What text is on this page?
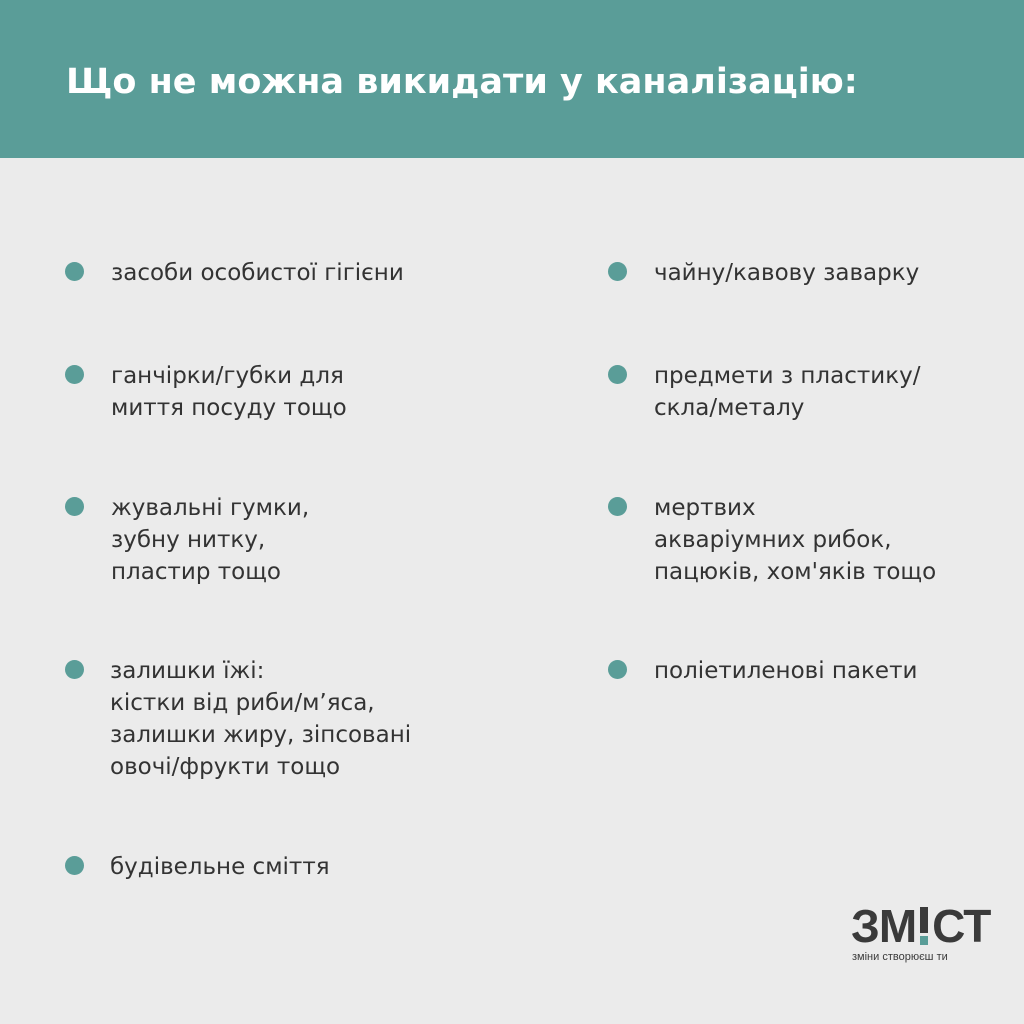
Що не можна викидати у каналізацію:
засоби особистої гігієни
ганчірки/губки для
миття посуду тощо
жувальні гумки,
зубну нитку,
пластир тощо
залишки їжі:
кістки від риби/м’яса,
залишки жиру, зіпсовані
овочі/фрукти тощо
будівельне сміття
чайну/кавову заварку
предмети з пластику/
скла/металу
мертвих
акваріумних рибок,
пацюків, хом'яків тощо
поліетиленові пакети
ЗМ СТ
зміни створюєш ти
